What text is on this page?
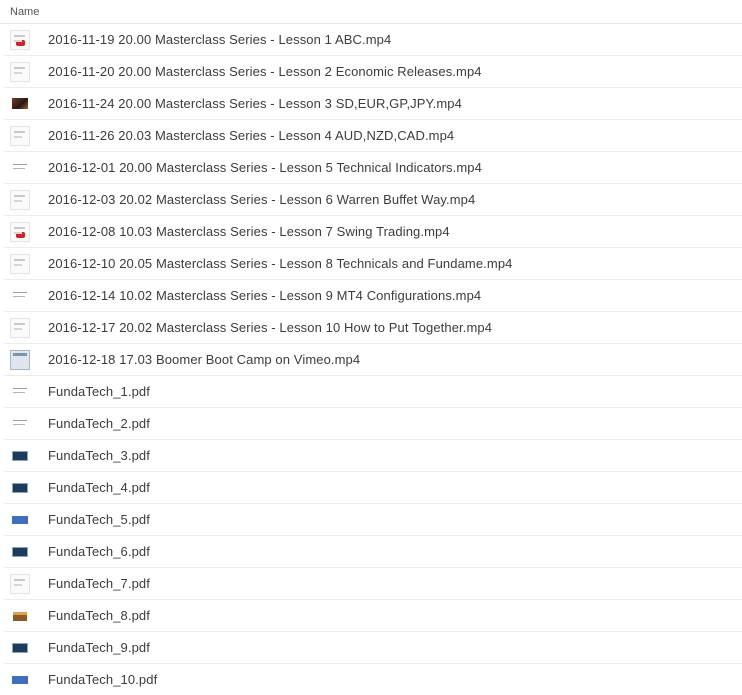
Name
2016-11-19 20.00 Masterclass Series - Lesson 1 ABC.mp4
2016-11-20 20.00 Masterclass Series - Lesson 2 Economic Releases.mp4
2016-11-24 20.00 Masterclass Series - Lesson 3 SD,EUR,GP,JPY.mp4
2016-11-26 20.03 Masterclass Series - Lesson 4 AUD,NZD,CAD.mp4
2016-12-01 20.00 Masterclass Series - Lesson 5 Technical Indicators.mp4
2016-12-03 20.02 Masterclass Series - Lesson 6 Warren Buffet Way.mp4
2016-12-08 10.03 Masterclass Series - Lesson 7 Swing Trading.mp4
2016-12-10 20.05 Masterclass Series - Lesson 8 Technicals and Fundame.mp4
2016-12-14 10.02 Masterclass Series - Lesson 9 MT4 Configurations.mp4
2016-12-17 20.02 Masterclass Series - Lesson 10 How to Put Together.mp4
2016-12-18 17.03 Boomer Boot Camp on Vimeo.mp4
FundaTech_1.pdf
FundaTech_2.pdf
FundaTech_3.pdf
FundaTech_4.pdf
FundaTech_5.pdf
FundaTech_6.pdf
FundaTech_7.pdf
FundaTech_8.pdf
FundaTech_9.pdf
FundaTech_10.pdf
